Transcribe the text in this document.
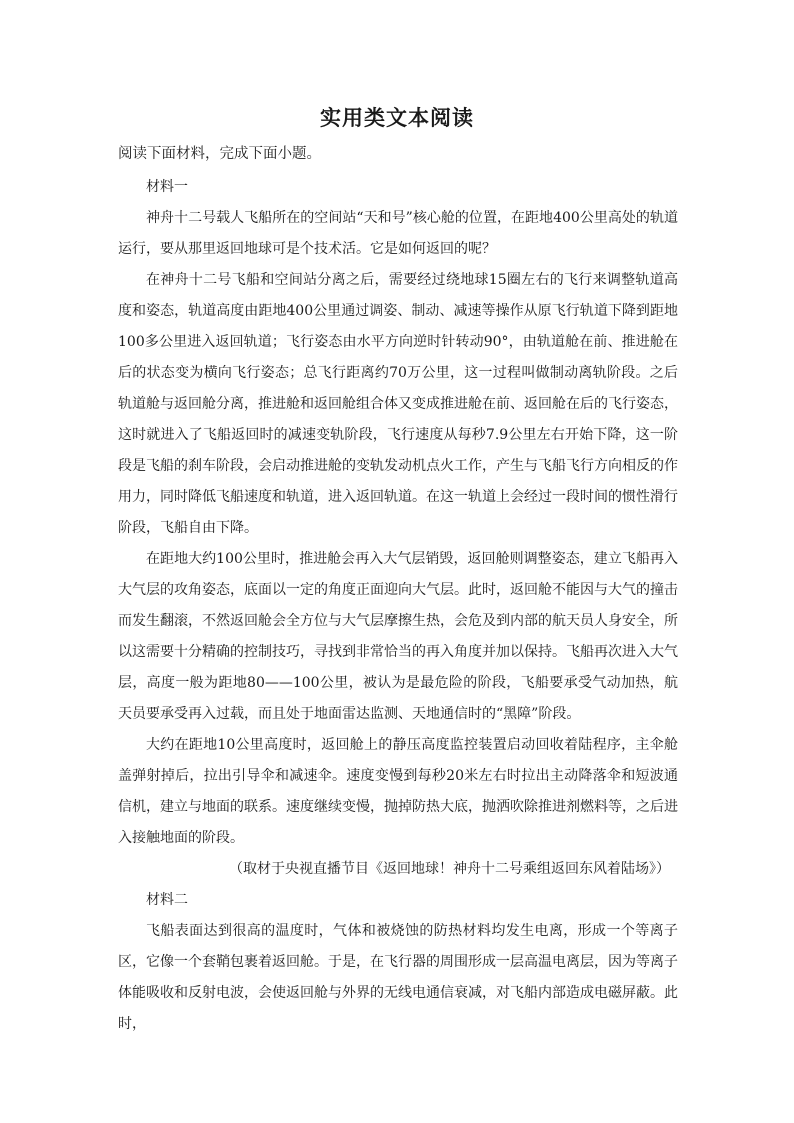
实用类文本阅读
阅读下面材料，完成下面小题。

材料一

神舟十二号载人飞船所在的空间站“天和号”核心舱的位置，在距地400公里高处的轨道运行，要从那里返回地球可是个技术活。它是如何返回的呢？

在神舟十二号飞船和空间站分离之后，需要经过绕地球15圈左右的飞行来调整轨道高度和姿态，轨道高度由距地400公里通过调姿、制动、减速等操作从原飞行轨道下降到距地100多公里进入返回轨道；飞行姿态由水平方向逆时针转动90°，由轨道舱在前、推进舱在后的状态变为横向飞行姿态；总飞行距离约70万公里，这一过程叫做制动离轨阶段。之后轨道舱与返回舱分离，推进舱和返回舱组合体又变成推进舱在前、返回舱在后的飞行姿态，这时就进入了飞船返回时的减速变轨阶段，飞行速度从每秒7.9公里左右开始下降，这一阶段是飞船的刹车阶段，会启动推进舱的变轨发动机点火工作，产生与飞船飞行方向相反的作用力，同时降低飞船速度和轨道，进入返回轨道。在这一轨道上会经过一段时间的惯性滑行阶段，飞船自由下降。

在距地大约100公里时，推进舱会再入大气层销毁，返回舱则调整姿态，建立飞船再入大气层的攻角姿态，底面以一定的角度正面迎向大气层。此时，返回舱不能因与大气的撞击而发生翻滚，不然返回舱会全方位与大气层摩擦生热，会危及到内部的航天员人身安全，所以这需要十分精确的控制技巧，寻找到非常恰当的再入角度并加以保持。飞船再次进入大气层，高度一般为距地80——100公里，被认为是最危险的阶段，飞船要承受气动加热，航天员要承受再入过载，而且处于地面雷达监测、天地通信时的“黑障”阶段。

大约在距地10公里高度时，返回舱上的静压高度监控装置启动回收着陆程序，主伞舱盖弹射掉后，拉出引导伞和减速伞。速度变慢到每秒20米左右时拉出主动降落伞和短波通信机，建立与地面的联系。速度继续变慢，抛掉防热大底，抛洒吹除推进剂燃料等，之后进入接触地面的阶段。

（取材于央视直播节目《返回地球！神舟十二号乘组返回东风着陆场》）

材料二

飞船表面达到很高的温度时，气体和被烧蚀的防热材料均发生电离，形成一个等离子区，它像一个套鞘包裹着返回舱。于是，在飞行器的周围形成一层高温电离层，因为等离子体能吸收和反射电波，会使返回舱与外界的无线电通信衰减，对飞船内部造成电磁屏蔽。此时，
